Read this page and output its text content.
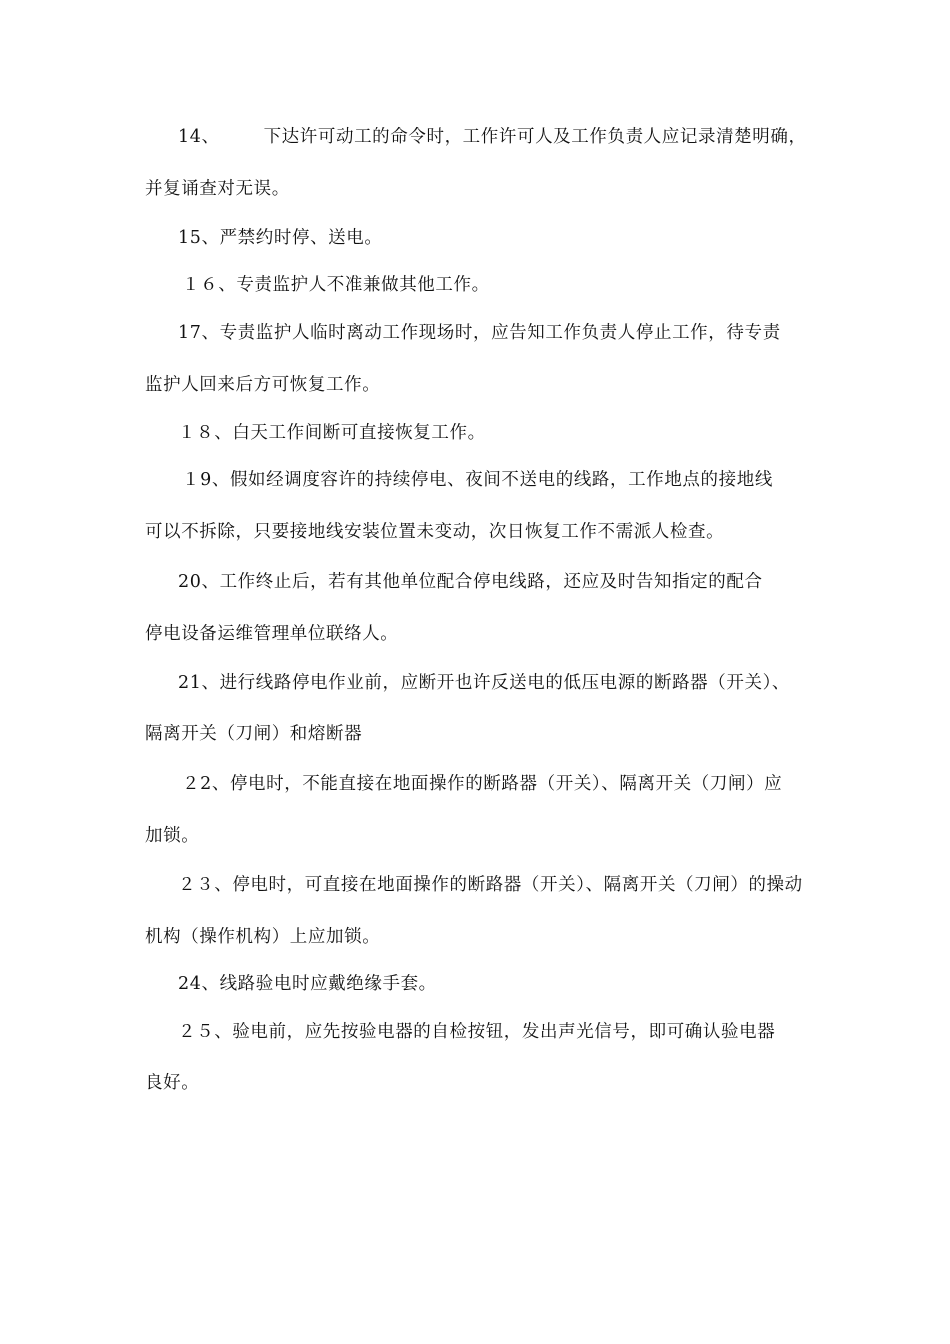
14、	下达许可动工的命令时，工作许可人及工作负责人应记录清楚明确，
并复诵查对无误。
15、严禁约时停、送电。
１６、专责监护人不准兼做其他工作。
17、专责监护人临时离动工作现场时，应告知工作负责人停止工作，待专责
监护人回来后方可恢复工作。
１８、白天工作间断可直接恢复工作。
１9、假如经调度容许的持续停电、夜间不送电的线路，工作地点的接地线
可以不拆除，只要接地线安装位置未变动，次日恢复工作不需派人检查。
20、工作终止后，若有其他单位配合停电线路，还应及时告知指定的配合
停电设备运维管理单位联络人。
21、进行线路停电作业前，应断开也许反送电的低压电源的断路器（开关）、
隔离开关（刀闸）和熔断器
２2、停电时，不能直接在地面操作的断路器（开关）、隔离开关（刀闸）应
加锁。
２３、停电时，可直接在地面操作的断路器（开关）、隔离开关（刀闸）的操动
机构（操作机构）上应加锁。
24、线路验电时应戴绝缘手套。
２５、验电前，应先按验电器的自检按钮，发出声光信号，即可确认验电器
良好。
